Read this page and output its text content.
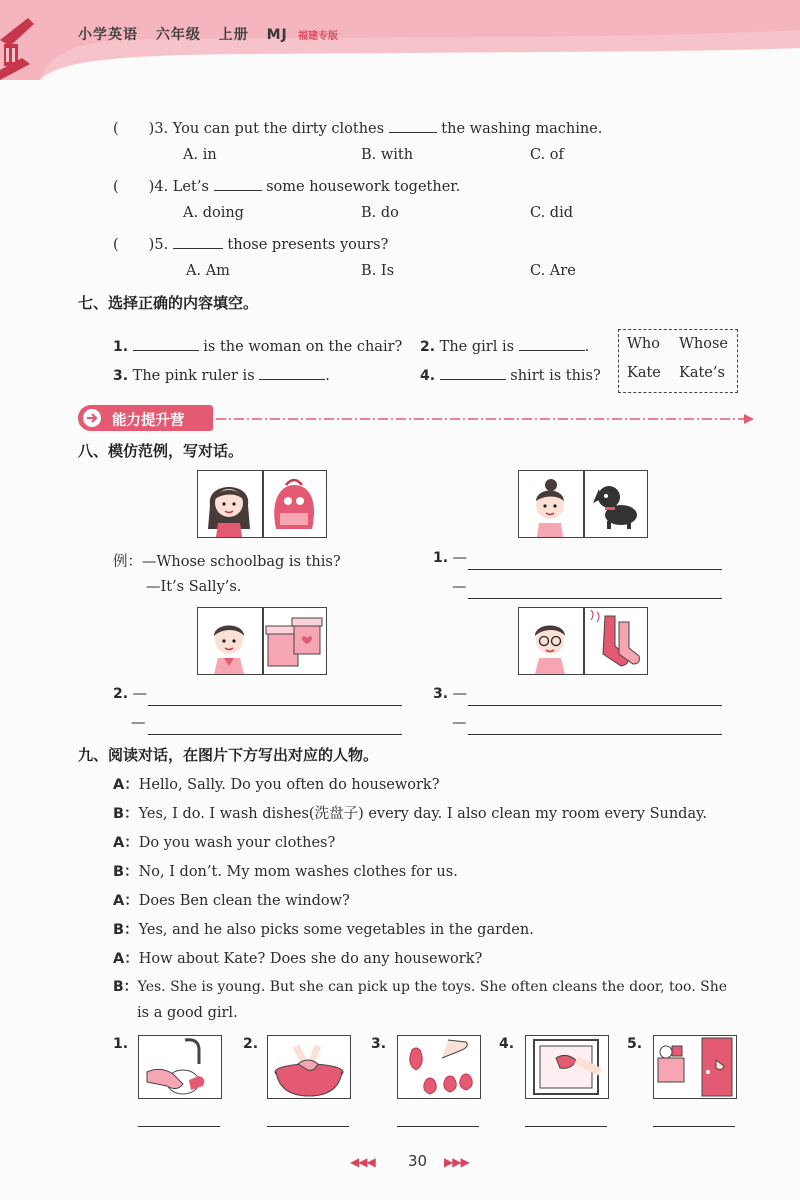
小学英语 六年级 上册 MJ	福建专版
( )3. You can put the dirty clothes	the washing machine.
A. in	B. with	C. of
( )4. Let’s	some housework together.
A. doing	B. do	C. did
( )5.	those presents yours?
A. Am	B. Is	C. Are
七、选择正确的内容填空。
1.	is the woman on the chair? 2. The girl is	.
3. The pink ruler is	.	4.	shirt is this?
Who Whose
Kate Kate’s
能力提升营
八、模仿范例，写对话。
例：—Whose schoolbag is this?
—It’s Sally’s.
1. —
—
2. —
—
3. —
—
九、阅读对话，在图片下方写出对应的人物。
A：Hello, Sally. Do you often do housework?
B：Yes, I do. I wash dishes(洗盘子) every day. I also clean my room every Sunday.
A：Do you wash your clothes?
B：No, I don’t. My mom washes clothes for us.
A：Does Ben clean the window?
B：Yes, and he also picks some vegetables in the garden.
A：How about Kate? Does she do any housework?
B：Yes. She is young. But she can pick up the toys. She often cleans the door, too. She
is a good girl.
1.	2.	3.	4.	5.
◀◀◀ 30 ▶▶▶
